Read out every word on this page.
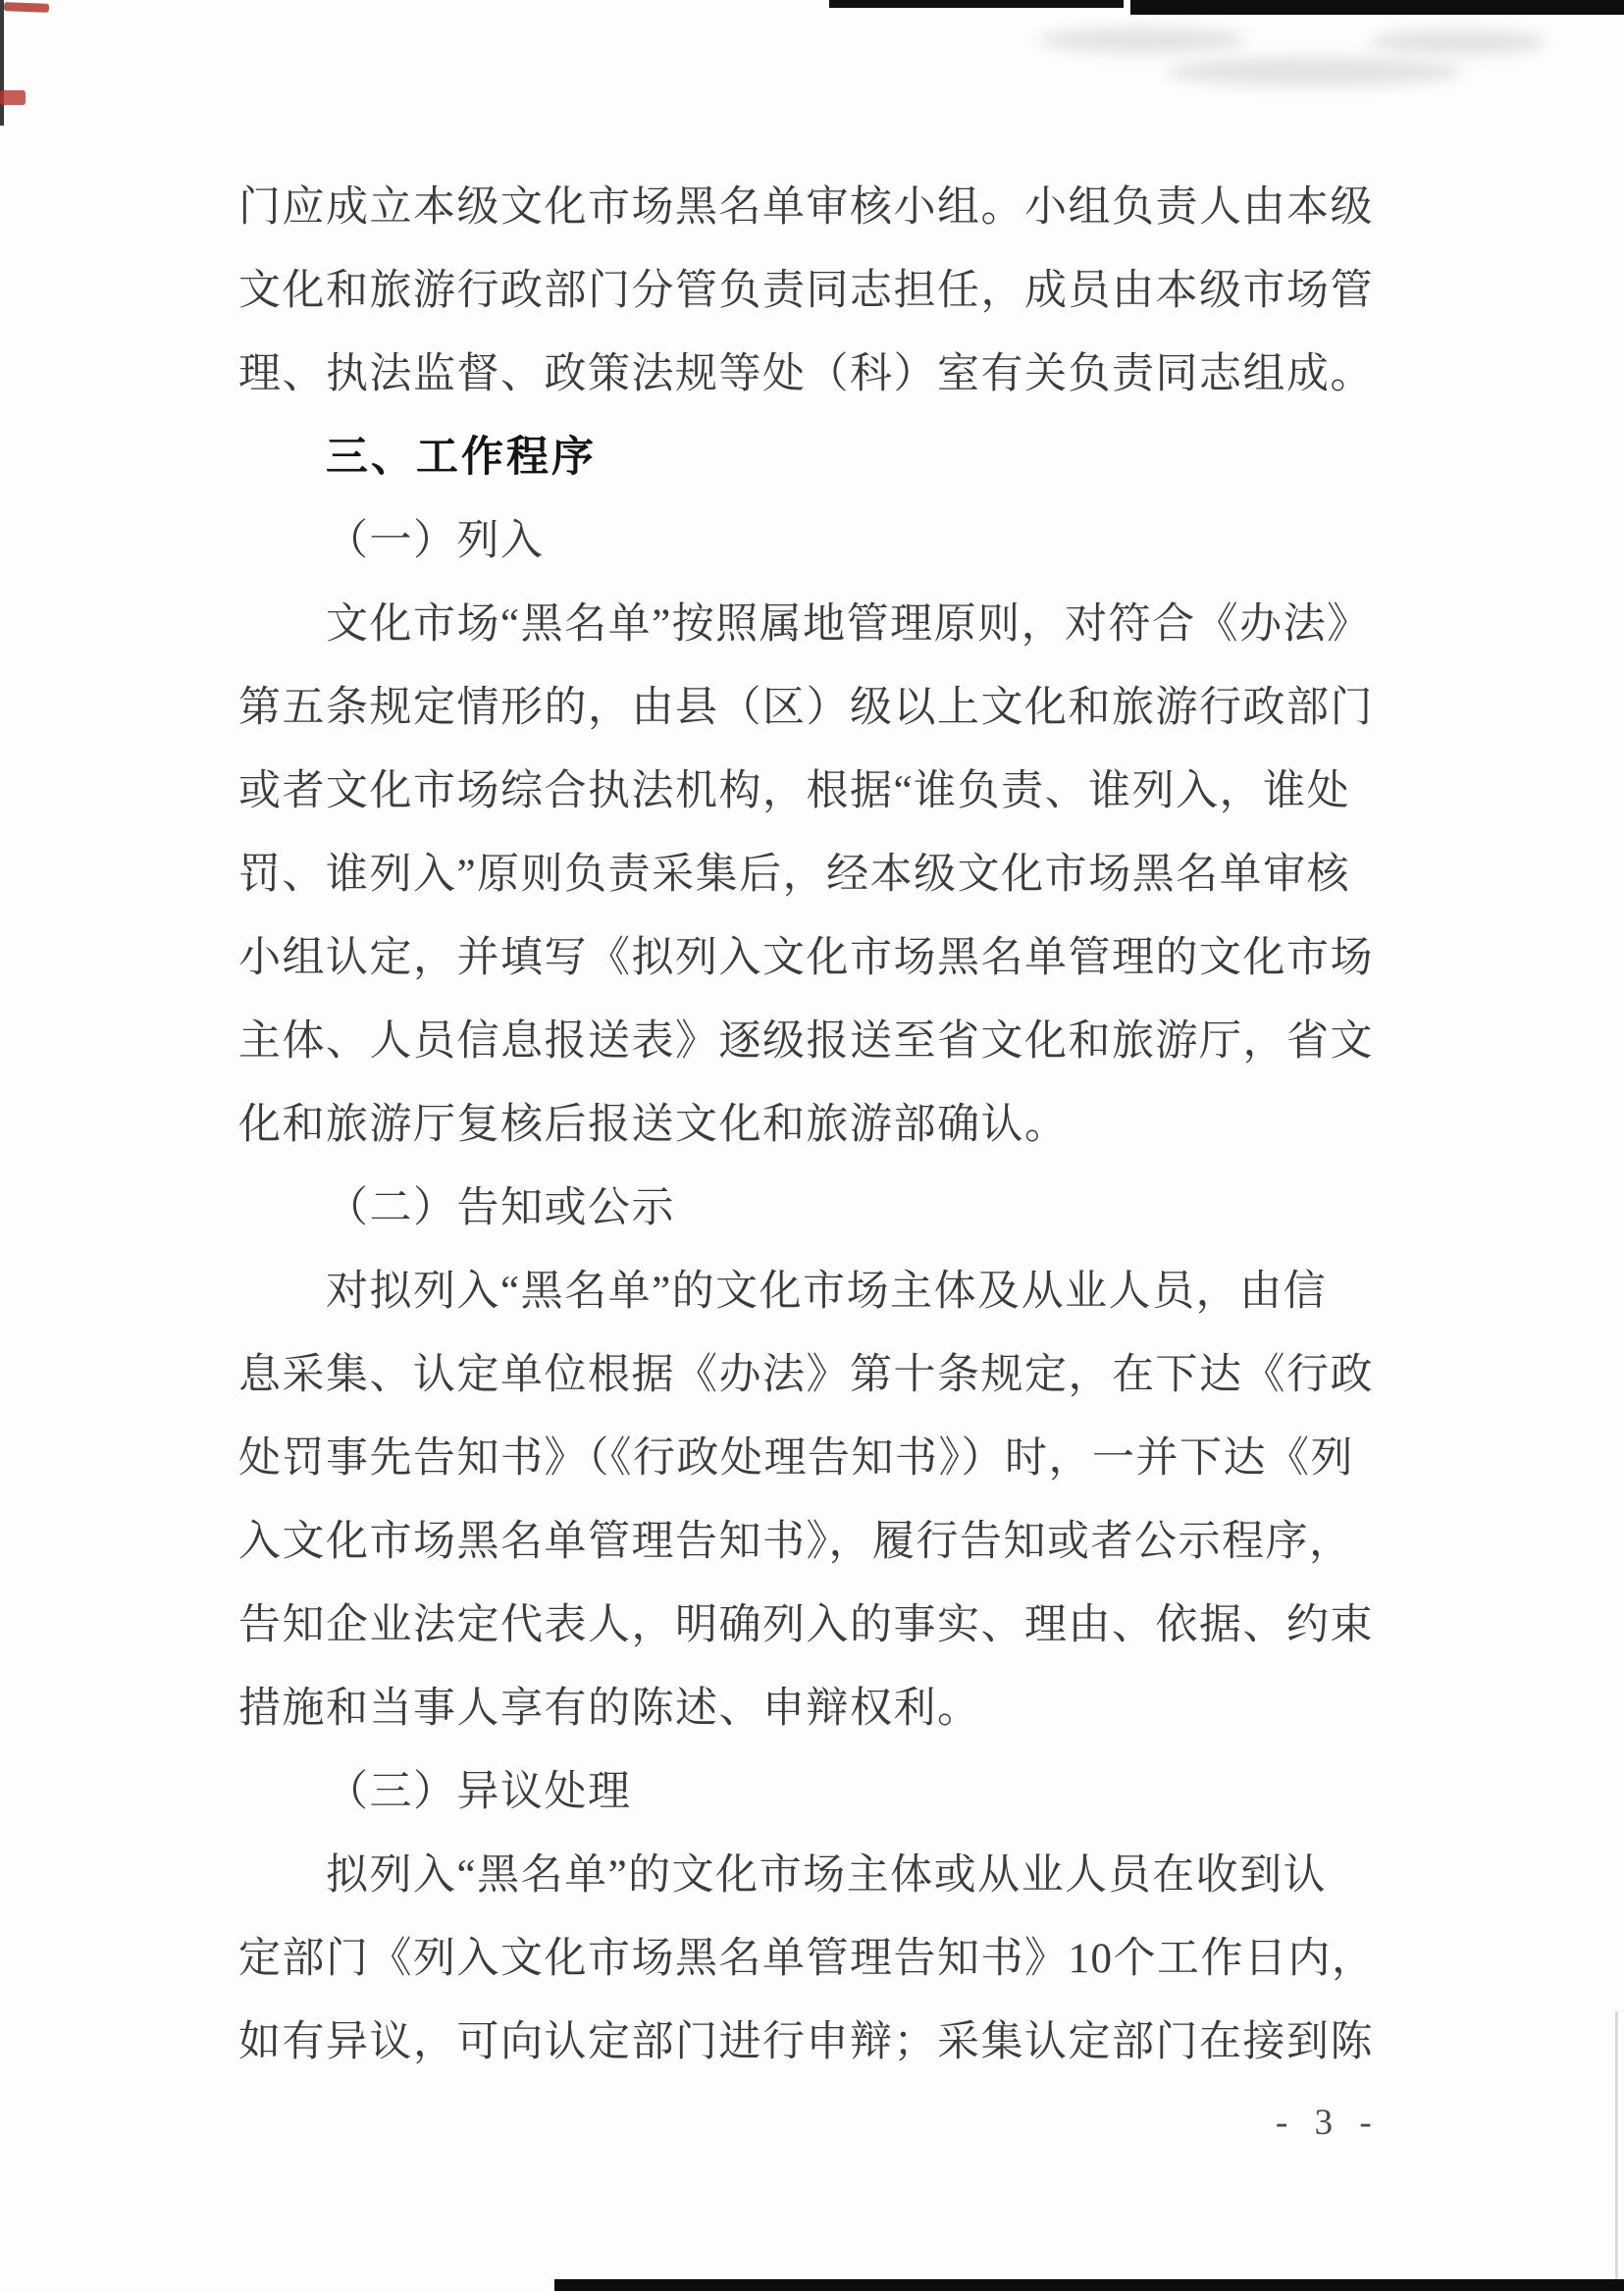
门应成立本级文化市场黑名单审核小组。小组负责人由本级
文化和旅游行政部门分管负责同志担任，成员由本级市场管
理、执法监督、政策法规等处（科）室有关负责同志组成。
三、工作程序
（一）列入
文化市场“黑名单”按照属地管理原则，对符合《办法》
第五条规定情形的，由县（区）级以上文化和旅游行政部门
或者文化市场综合执法机构，根据“谁负责、谁列入，谁处
罚、谁列入”原则负责采集后，经本级文化市场黑名单审核
小组认定，并填写《拟列入文化市场黑名单管理的文化市场
主体、人员信息报送表》逐级报送至省文化和旅游厅，省文
化和旅游厅复核后报送文化和旅游部确认。
（二）告知或公示
对拟列入“黑名单”的文化市场主体及从业人员，由信
息采集、认定单位根据《办法》第十条规定，在下达《行政
处罚事先告知书》（《行政处理告知书》）时，一并下达《列
入文化市场黑名单管理告知书》，履行告知或者公示程序，
告知企业法定代表人，明确列入的事实、理由、依据、约束
措施和当事人享有的陈述、申辩权利。
（三）异议处理
拟列入“黑名单”的文化市场主体或从业人员在收到认
定部门《列入文化市场黑名单管理告知书》10个工作日内，
如有异议，可向认定部门进行申辩；采集认定部门在接到陈
- 3 -
